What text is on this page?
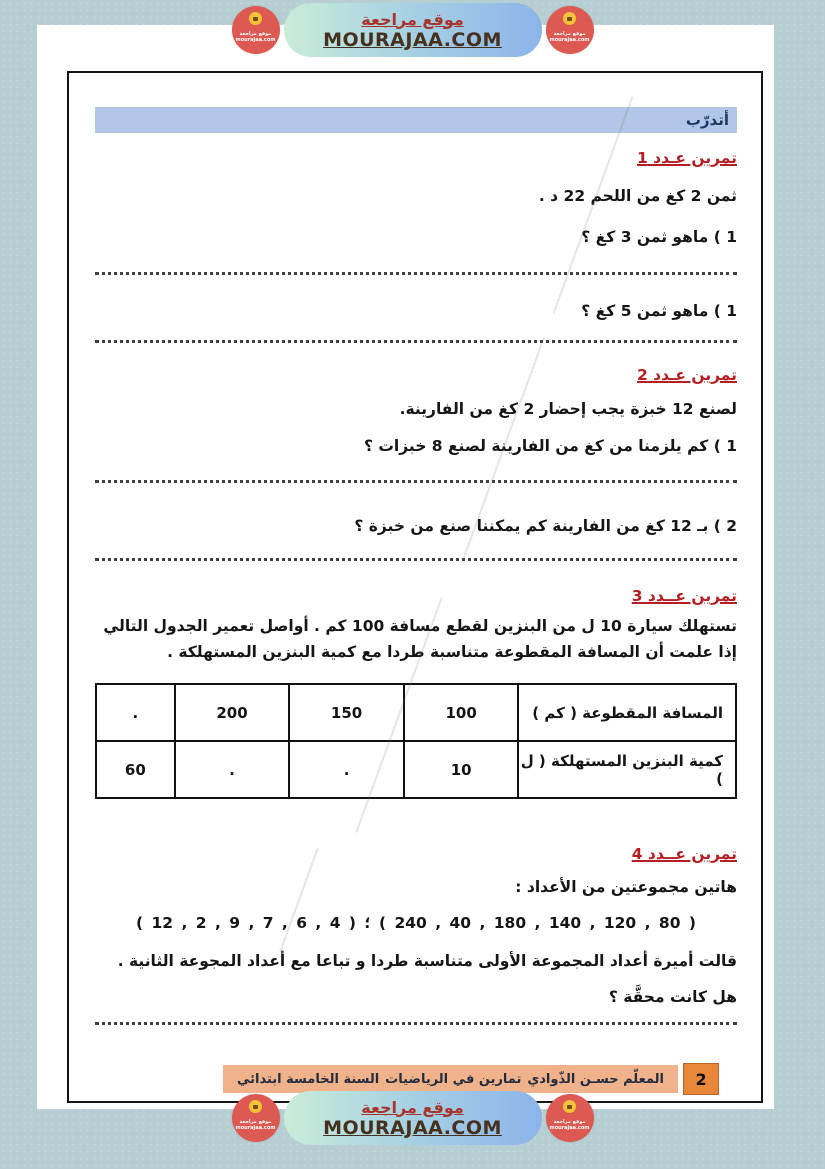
أتدرّب
تمرين عـدد 1
ثمن 2 كغ من اللحم 22 د .
1 ) ماهو ثمن 3 كغ ؟
1 ) ماهو ثمن 5 كغ ؟
تمرين عـدد 2
لصنع 12 خبزة يجب إحضار 2 كغ من الفارينة.
1 ) كم يلزمنا من كغ من الفارينة لصنع 8 خبزات ؟
2 ) بـ 12 كغ من الفارينة كم يمكننا صنع من خبزة ؟
تمرين عــدد 3
تستهلك سيارة 10 ل من البنزين لقطع مسافة 100 كم . أواصل تعمير الجدول التالي إذا علمت أن المسافة المقطوعة متناسبة طردا مع كمية البنزين المستهلكة .
المسافة المقطوعة ( كم )	100	150	200	.
كمية البنزين المستهلكة ( ل )	10	.	.	60
تمرين عــدد 4
هاتين مجموعتين من الأعداد :
( 80 , 120 , 140 , 180 , 40 , 240 ) ؛ ( 4 , 6 , 7 , 9 , 2 , 12 )
قالت أميرة أعداد المجموعة الأولى متناسبة طردا و تباعا مع أعداد المجوعة الثانية .
هل كانت محقَّة ؟
2
المعلّم حسـن الذّوادي
تمارين في الرياضيات
السنة الخامسة ابتدائي
موقع مراجعة
mourajaa.com
موقع مراجعة
MOURAJAA.COM	موقع مراجعة
mourajaa.com
موقع مراجعة
mourajaa.com
موقع مراجعة
MOURAJAA.COM	موقع مراجعة
mourajaa.com
